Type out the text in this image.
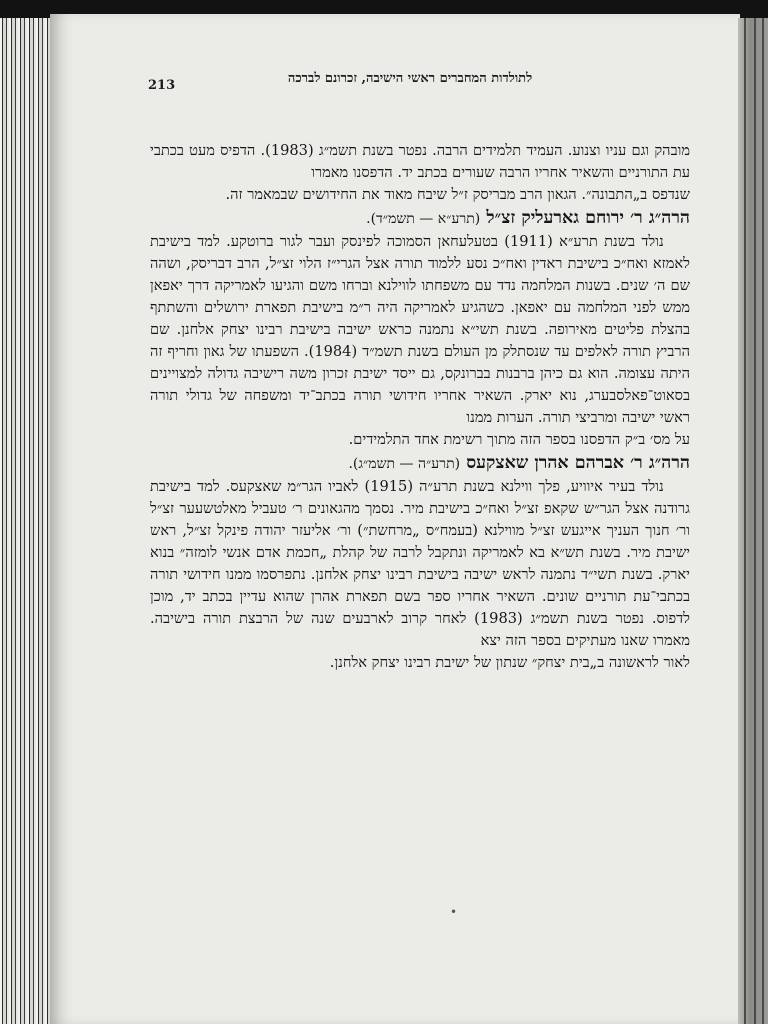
213	לתולדות המחברים ראשי הישיבה, זכרונם לברכה

מובהק וגם עניו וצנוע. העמיד תלמידים הרבה. נפטר בשנת תשמ״ג (1983). הדפיס מעט בכתבי עת התורניים והשאיר אחריו הרבה שעורים בכתב יד. הדפסנו מאמרו

שנדפס ב„התבונה״. הגאון הרב מבריסק ז״ל שיבח מאוד את החידושים שבמאמר זה.

הרה״ג ר׳ ירוחם גארעליק זצ״ל (תרע״א — תשמ״ד).

נולד בשנת תרע״א (1911) בטעלעחאן הסמוכה לפינסק ועבר לגור ברוטקע. למד בישיבת לאמזא ואח״כ בישיבת ראדין ואח״כ נסע ללמוד תורה אצל הגרי״ז הלוי זצ״ל, הרב דבריסק, ושהה שם ה׳ שנים. בשנות המלחמה נדד עם משפחתו לווילנא וברחו משם והגיעו לאמריקה דרך יאפאן ממש לפני המלחמה עם יאפאן. כשהגיע לאמריקה היה ר״מ בישיבת תפארת ירושלים והשתתף בהצלת פליטים מאירופה. בשנת תשי״א נתמנה כראש ישיבה בישיבת רבינו יצחק אלחנן. שם הרביץ תורה לאלפים עד שנסתלק מן העולם בשנת תשמ״ד (1984). השפעתו של גאון וחריף זה היתה עצומה. הוא גם כיהן ברבנות בברונקס, גם ייסד ישיבת זכרון משה רישיבה גדולה למצויינים בסאוט־פאלסבערג, נוא יארק. השאיר אחריו חידושי תורה בכתב־יד ומשפחה של גדולי תורה ראשי ישיבה ומרביצי תורה. הערות ממנו

על מס׳ ב״ק הדפסנו בספר הזה מתוך רשימת אחד התלמידים.

הרה״ג ר׳ אברהם אהרן שאצקעס (תרע״ה — תשמ״ג).

נולד בעיר איוויע, פלך ווילנא בשנת תרע״ה (1915) לאביו הגר״מ שאצקעס. למד בישיבת גרודנה אצל הגר״ש שקאפ זצ״ל ואח״כ בישיבת מיר. נסמך מהגאונים ר׳ טעביל מאלטשעער זצ״ל ור׳ חנוך העניך אייגעש זצ״ל מווילנא (בעמח״ס „מרחשת״) ור׳ אליעזר יהודה פינקל זצ״ל, ראש ישיבת מיר. בשנת תש״א בא לאמריקה ונתקבל לרבה של קהלת „חכמת אדם אנשי לומזה״ בנוא יארק. בשנת תשי״ד נתמנה לראש ישיבה בישיבת רבינו יצחק אלחנן. נתפרסמו ממנו חידושי תורה בכתבי־עת תורניים שונים. השאיר אחריו ספר בשם תפארת אהרן שהוא עדיין בכתב יד, מוכן לדפוס. נפטר בשנת תשמ״ג (1983) לאחר קרוב לארבעים שנה של הרבצת תורה בישיבה. מאמרו שאנו מעתיקים בספר הזה יצא

לאור לראשונה ב„בית יצחק״ שנתון של ישיבת רבינו יצחק אלחנן.

•
